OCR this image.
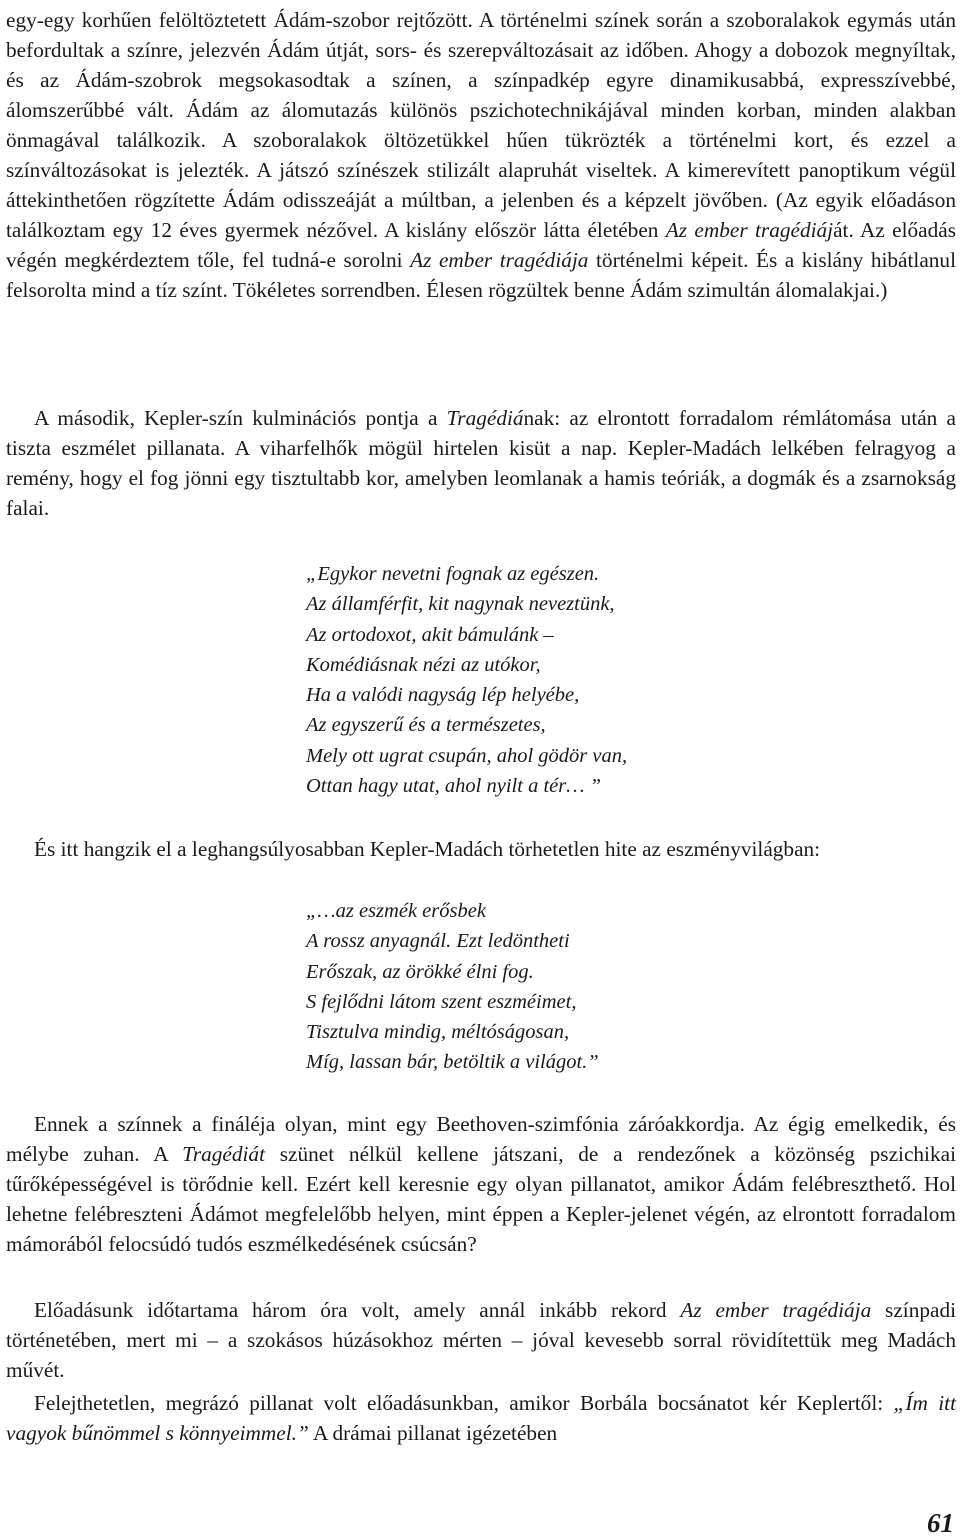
egy-egy korhűen felöltöztetett Ádám-szobor rejtőzött. A történelmi színek során a szoboralakok egymás után befordultak a színre, jelezvén Ádám útját, sors- és szerepváltozásait az időben. Ahogy a dobozok megnyíltak, és az Ádám-szobrok megsokasodtak a színen, a színpadkép egyre dinamikusabbá, expresszívebbé, álomszerűbbé vált. Ádám az álomutazás különös pszichotechnikájával minden korban, minden alakban önmagával találkozik. A szoboralakok öltözetükkel hűen tükrözték a történelmi kort, és ezzel a színváltozásokat is jelezték. A játszó színészek stilizált alapruhát viseltek. A kimerevített panoptikum végül áttekinthetően rögzítette Ádám odisszeáját a múltban, a jelenben és a képzelt jövőben. (Az egyik előadáson találkoztam egy 12 éves gyermek nézővel. A kislány először látta életében Az ember tragédiáját. Az előadás végén megkérdeztem tőle, fel tudná-e sorolni Az ember tragédiája történelmi képeit. És a kislány hibátlanul felsorolta mind a tíz színt. Tökéletes sorrendben. Élesen rögzültek benne Ádám szimultán álomalakjai.)

A második, Kepler-szín kulminációs pontja a Tragédiának: az elrontott forradalom rémlátomása után a tiszta eszmélet pillanata. A viharfelhők mögül hirtelen kisüt a nap. Kepler-Madách lelkében felragyog a remény, hogy el fog jönni egy tisztultabb kor, amelyben leomlanak a hamis teóriák, a dogmák és a zsarnokság falai.

„Egykor nevetni fognak az egészen.
Az államférfit, kit nagynak neveztünk,
Az ortodoxot, akit bámulánk –
Komédiásnak nézi az utókor,
Ha a valódi nagyság lép helyébe,
Az egyszerű és a természetes,
Mely ott ugrat csupán, ahol gödör van,
Ottan hagy utat, ahol nyilt a tér… ”

És itt hangzik el a leghangsúlyosabban Kepler-Madách törhetetlen hite az eszményvilágban:

„…az eszmék erősbek
A rossz anyagnál. Ezt ledöntheti
Erőszak, az örökké élni fog.
S fejlődni látom szent eszméimet,
Tisztulva mindig, méltóságosan,
Míg, lassan bár, betöltik a világot.”

Ennek a színnek a fináléja olyan, mint egy Beethoven-szimfónia záróakkordja. Az égig emelkedik, és mélybe zuhan. A Tragédiát szünet nélkül kellene játszani, de a rendezőnek a közönség pszichikai tűrőképességével is törődnie kell. Ezért kell keresnie egy olyan pillanatot, amikor Ádám felébreszthető. Hol lehetne felébreszteni Ádámot megfelelőbb helyen, mint éppen a Kepler-jelenet végén, az elrontott forradalom mámorából felocsúdó tudós eszmélkedésének csúcsán?

Előadásunk időtartama három óra volt, amely annál inkább rekord Az ember tragédiája színpadi történetében, mert mi – a szokásos húzásokhoz mérten – jóval kevesebb sorral rövidítettük meg Madách művét.

Felejthetetlen, megrázó pillanat volt előadásunkban, amikor Borbála bocsánatot kér Keplertől: „Ím itt vagyok bűnömmel s könnyeimmel.” A drámai pillanat igézetében

61
